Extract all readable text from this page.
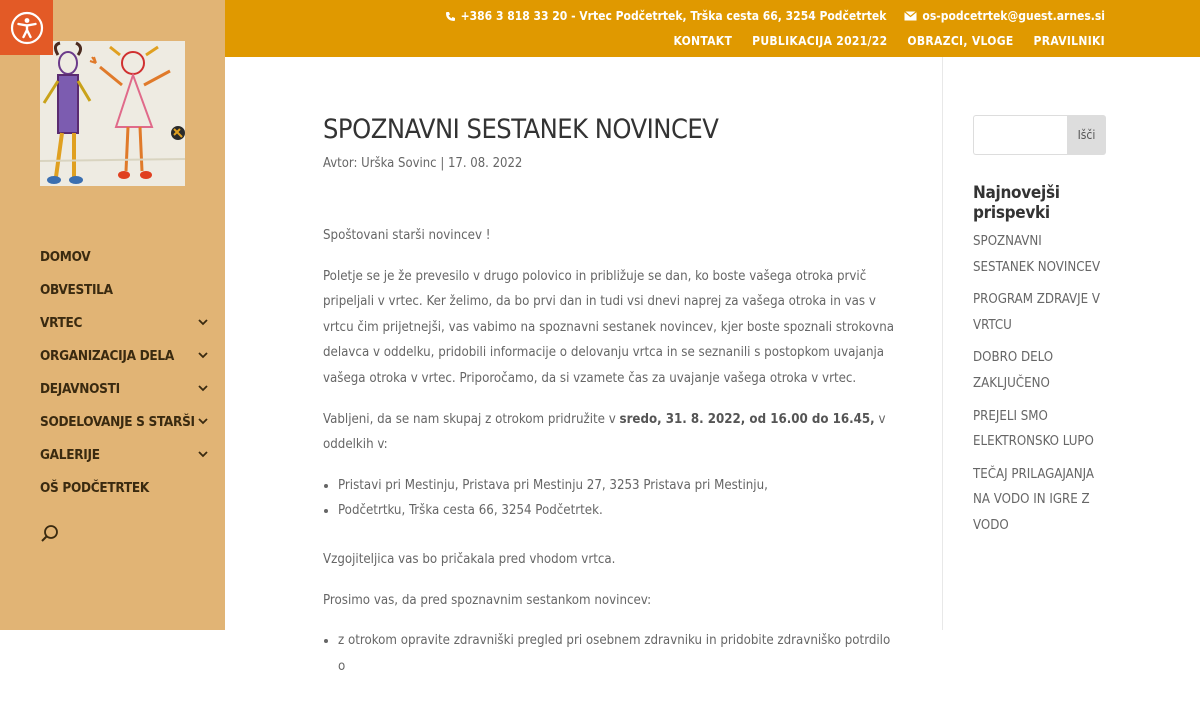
DOMOV
OBVESTILA
VRTEC
ORGANIZACIJA DELA
DEJAVNOSTI
SODELOVANJE S STARŠI
GALERIJE
OŠ PODČETRTEK
+386 3 818 33 20 - Vrtec Podčetrtek, Trška cesta 66, 3254 Podčetrtek	os-podcetrtek@guest.arnes.si
KONTAKT PUBLIKACIJA 2021/22 OBRAZCI, VLOGE PRAVILNIKI
SPOZNAVNI SESTANEK NOVINCEV
Avtor: Urška Sovinc | 17. 08. 2022

Spoštovani starši novincev !

Poletje se je že prevesilo v drugo polovico in približuje se dan, ko boste vašega otroka prvič pripeljali v vrtec. Ker želimo, da bo prvi dan in tudi vsi dnevi naprej za vašega otroka in vas v vrtcu čim prijetnejši, vas vabimo na spoznavni sestanek novincev, kjer boste spoznali strokovna delavca v oddelku, pridobili informacije o delovanju vrtca in se seznanili s postopkom uvajanja vašega otroka v vrtec. Priporočamo, da si vzamete čas za uvajanje vašega otroka v vrtec.

Vabljeni, da se nam skupaj z otrokom pridružite v sredo, 31. 8. 2022, od 16.00 do 16.45, v oddelkih v:

• Pristavi pri Mestinju, Pristava pri Mestinju 27, 3253 Pristava pri Mestinju,
• Podčetrtku, Trška cesta 66, 3254 Podčetrtek.

Vzgojiteljica vas bo pričakala pred vhodom vrtca.

Prosimo vas, da pred spoznavnim sestankom novincev:

• z otrokom opravite zdravniški pregled pri osebnem zdravniku in pridobite zdravniško potrdilo o
Išči
Najnovejši prispevki
SPOZNAVNI SESTANEK NOVINCEV
PROGRAM ZDRAVJE V VRTCU
DOBRO DELO ZAKLJUČENO
PREJELI SMO ELEKTRONSKO LUPO
TEČAJ PRILAGAJANJA NA VODO IN IGRE Z VODO
